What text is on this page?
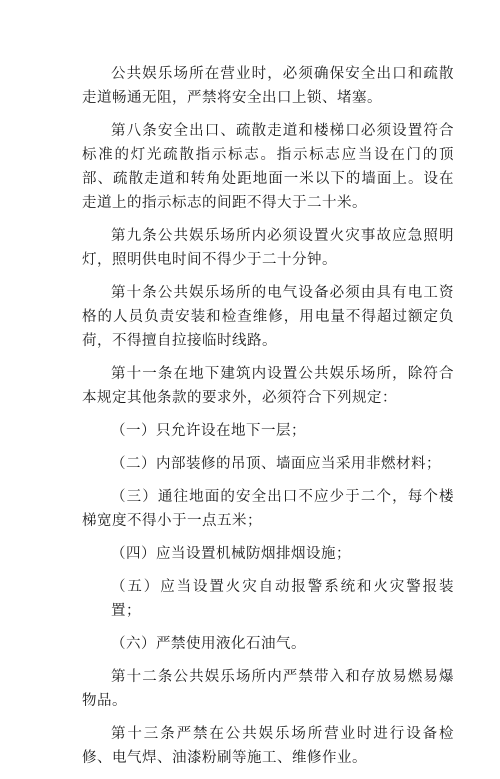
公共娱乐场所在营业时，必须确保安全出口和疏散走道畅通无阻，严禁将安全出口上锁、堵塞。

第八条安全出口、疏散走道和楼梯口必须设置符合标准的灯光疏散指示标志。指示标志应当设在门的顶部、疏散走道和转角处距地面一米以下的墙面上。设在走道上的指示标志的间距不得大于二十米。

第九条公共娱乐场所内必须设置火灾事故应急照明灯，照明供电时间不得少于二十分钟。

第十条公共娱乐场所的电气设备必须由具有电工资格的人员负责安装和检查维修，用电量不得超过额定负荷，不得擅自拉接临时线路。

第十一条在地下建筑内设置公共娱乐场所，除符合本规定其他条款的要求外，必须符合下列规定：

（一）只允许设在地下一层；

（二）内部装修的吊顶、墙面应当采用非燃材料；

（三）通往地面的安全出口不应少于二个，每个楼梯宽度不得小于一点五米；

（四）应当设置机械防烟排烟设施；

（五）应当设置火灾自动报警系统和火灾警报装置；

（六）严禁使用液化石油气。

第十二条公共娱乐场所内严禁带入和存放易燃易爆物品。

第十三条严禁在公共娱乐场所营业时进行设备检修、电气焊、油漆粉刷等施工、维修作业。
